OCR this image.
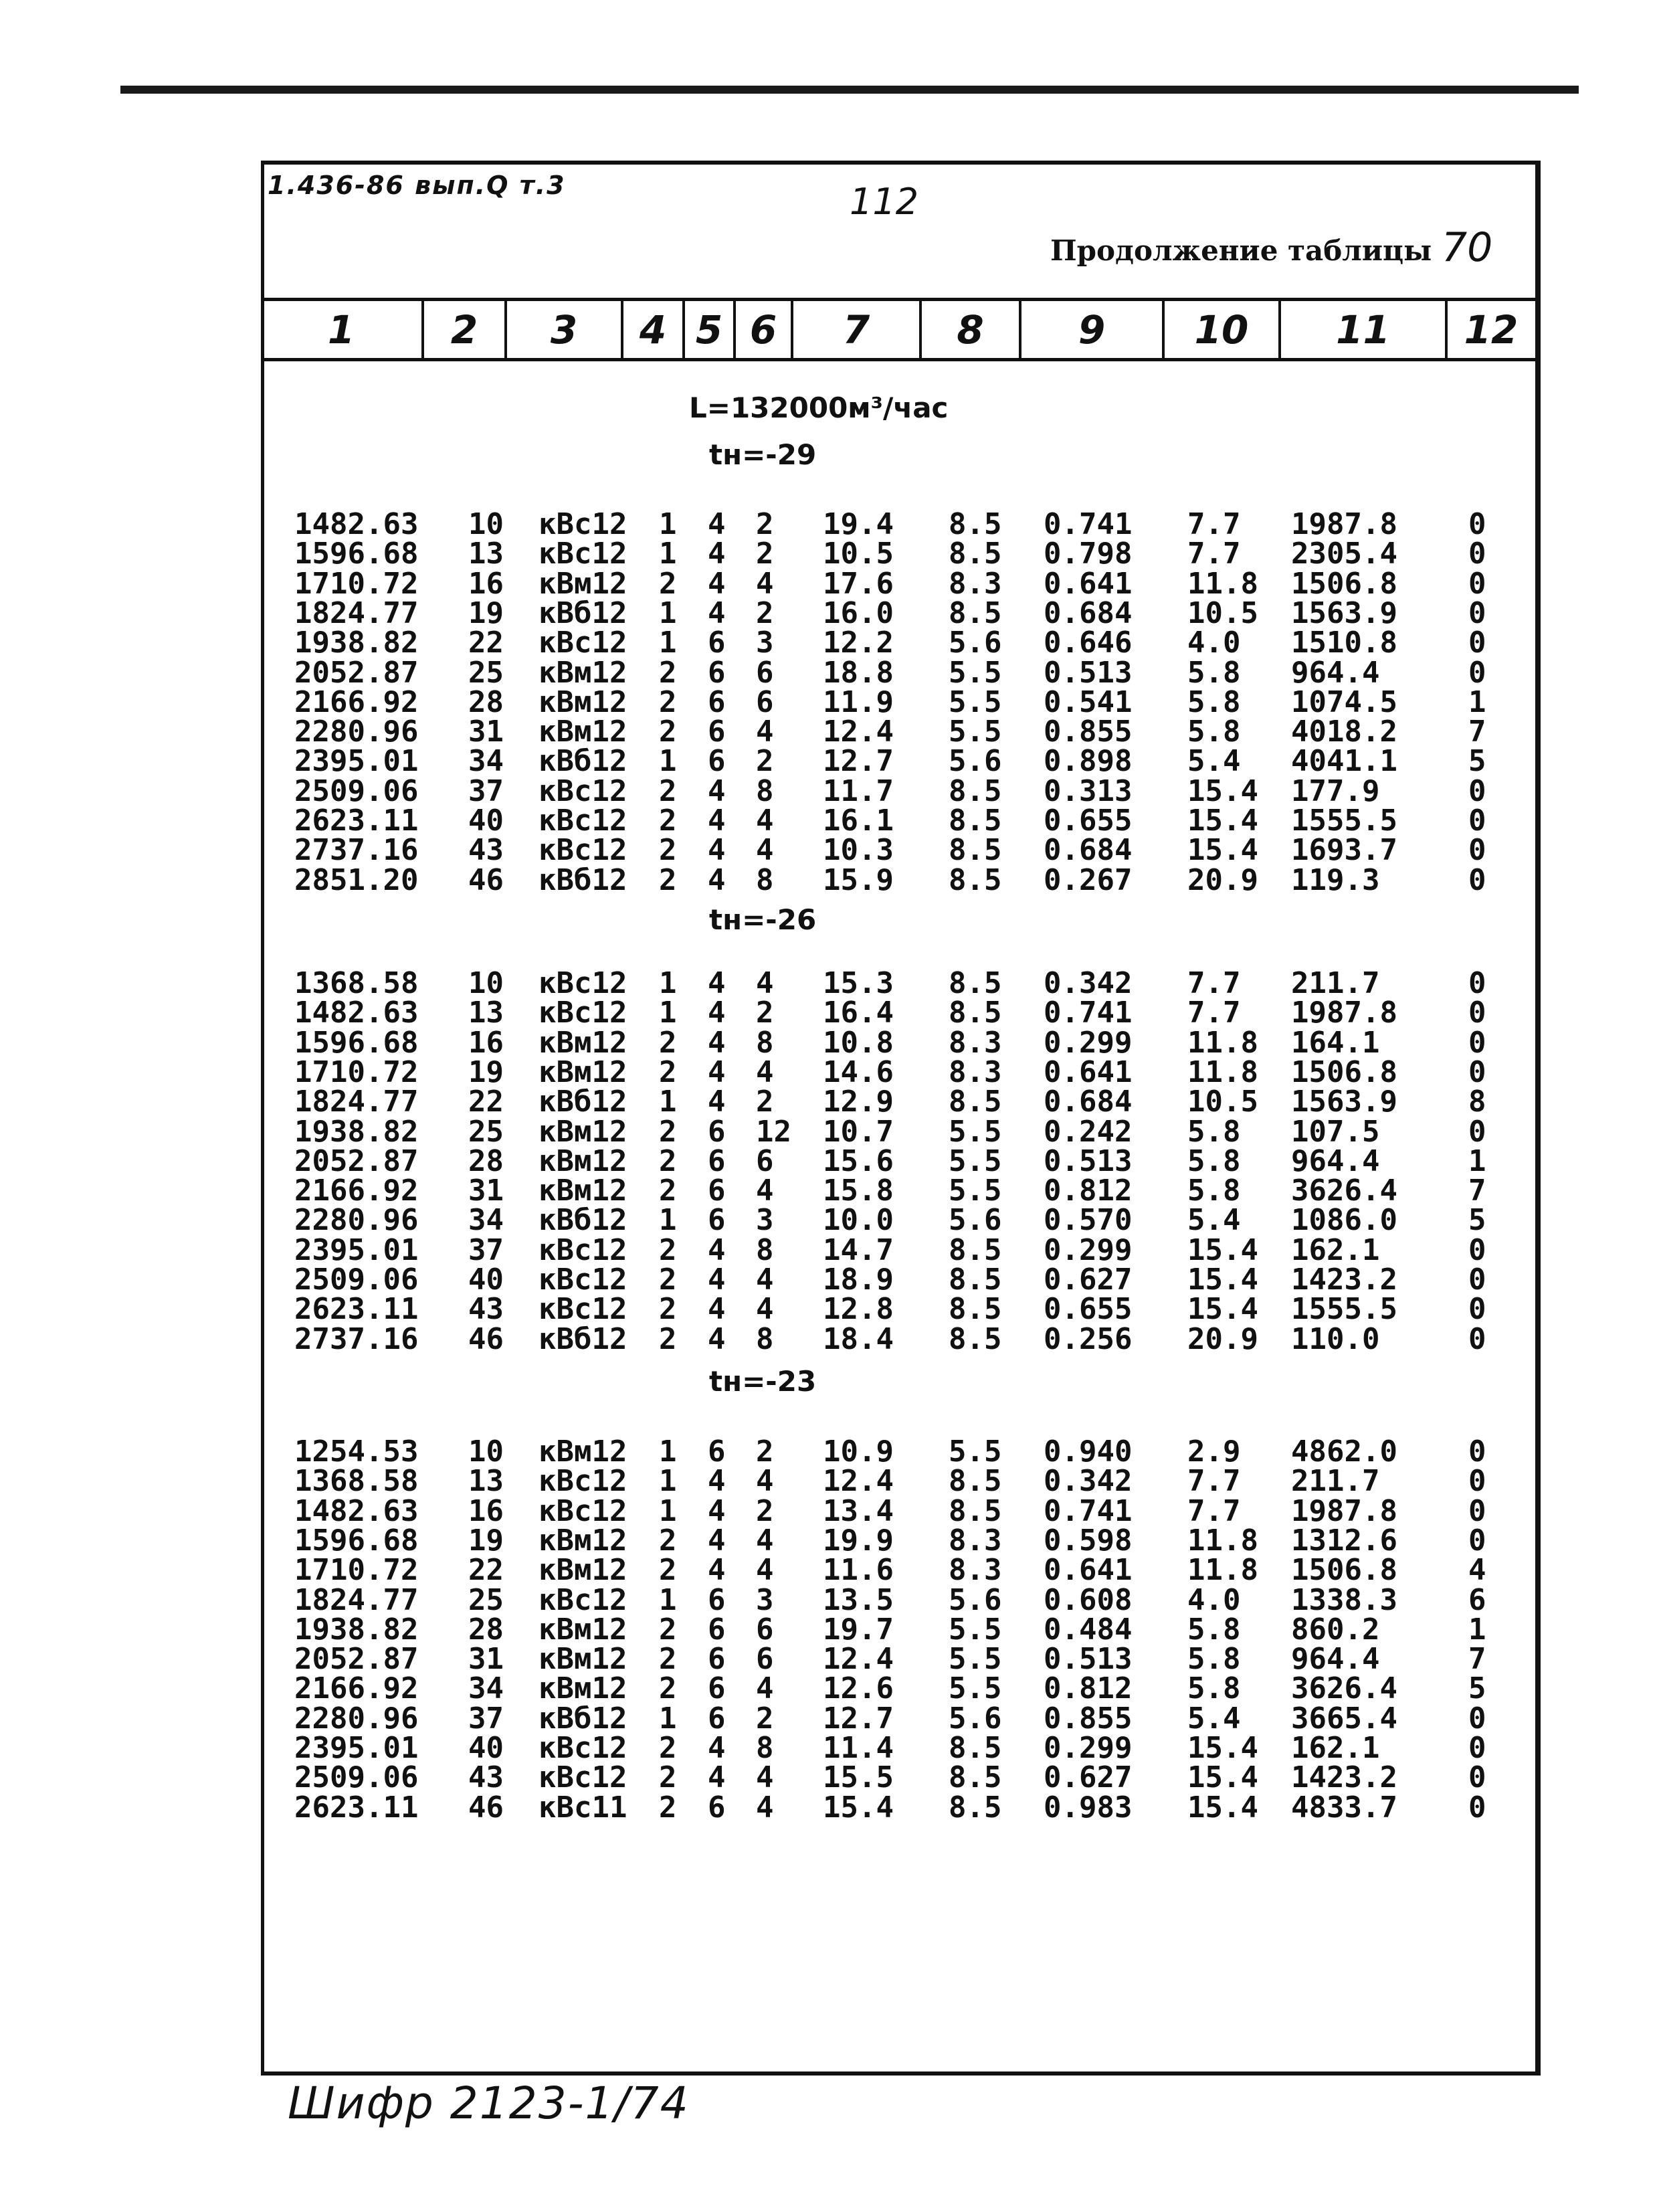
1.436-86 вып.Q т.3	112
Продолжение таблицы 70
1	2	3	4 5 6	7	8	9	10	11	12
L=132000м³/час
tн=-29
1482.63 10 кВс12 1 4 2 19.4 8.5 0.741 7.7 1987.8 0
1596.68 13 кВс12 1 4 2 10.5 8.5 0.798 7.7 2305.4 0
1710.72 16 кВм12 2 4 4 17.6 8.3 0.641 11.8 1506.8 0
1824.77 19 кВб12 1 4 2 16.0 8.5 0.684 10.5 1563.9 0
1938.82 22 кВс12 1 6 3 12.2 5.6 0.646 4.0 1510.8 0
2052.87 25 кВм12 2 6 6 18.8 5.5 0.513 5.8 964.4	0
2166.92 28 кВм12 2 6 6 11.9 5.5 0.541 5.8 1074.5 1
2280.96 31 кВм12 2 6 4 12.4 5.5 0.855 5.8 4018.2 7
2395.01 34 кВб12 1 6 2 12.7 5.6 0.898 5.4 4041.1 5
2509.06 37 кВс12 2 4 8 11.7 8.5 0.313 15.4 177.9	0
2623.11 40 кВс12 2 4 4 16.1 8.5 0.655 15.4 1555.5 0
2737.16 43 кВс12 2 4 4 10.3 8.5 0.684 15.4 1693.7 0
2851.20 46 кВб12 2 4 8 15.9 8.5 0.267 20.9 119.3	0
tн=-26
1368.58 10 кВс12 1 4 4 15.3 8.5 0.342 7.7 211.7	0
1482.63 13 кВс12 1 4 2 16.4 8.5 0.741 7.7 1987.8 0
1596.68 16 кВм12 2 4 8 10.8 8.3 0.299 11.8 164.1	0
1710.72 19 кВм12 2 4 4 14.6 8.3 0.641 11.8 1506.8 0
1824.77 22 кВб12 1 4 2 12.9 8.5 0.684 10.5 1563.9 8
1938.82 25 кВм12 2 6 12 10.7 5.5 0.242 5.8 107.5	0
2052.87 28 кВм12 2 6 6 15.6 5.5 0.513 5.8 964.4	1
2166.92 31 кВм12 2 6 4 15.8 5.5 0.812 5.8 3626.4 7
2280.96 34 кВб12 1 6 3 10.0 5.6 0.570 5.4 1086.0 5
2395.01 37 кВс12 2 4 8 14.7 8.5 0.299 15.4 162.1	0
2509.06 40 кВс12 2 4 4 18.9 8.5 0.627 15.4 1423.2 0
2623.11 43 кВс12 2 4 4 12.8 8.5 0.655 15.4 1555.5 0
2737.16 46 кВб12 2 4 8 18.4 8.5 0.256 20.9 110.0	0
tн=-23
1254.53 10 кВм12 1 6 2 10.9 5.5 0.940 2.9 4862.0 0
1368.58 13 кВс12 1 4 4 12.4 8.5 0.342 7.7 211.7	0
1482.63 16 кВс12 1 4 2 13.4 8.5 0.741 7.7 1987.8 0
1596.68 19 кВм12 2 4 4 19.9 8.3 0.598 11.8 1312.6 0
1710.72 22 кВм12 2 4 4 11.6 8.3 0.641 11.8 1506.8 4
1824.77 25 кВс12 1 6 3 13.5 5.6 0.608 4.0 1338.3 6
1938.82 28 кВм12 2 6 6 19.7 5.5 0.484 5.8 860.2	1
2052.87 31 кВм12 2 6 6 12.4 5.5 0.513 5.8 964.4	7
2166.92 34 кВм12 2 6 4 12.6 5.5 0.812 5.8 3626.4 5
2280.96 37 кВб12 1 6 2 12.7 5.6 0.855 5.4 3665.4 0
2395.01 40 кВс12 2 4 8 11.4 8.5 0.299 15.4 162.1	0
2509.06 43 кВс12 2 4 4 15.5 8.5 0.627 15.4 1423.2 0
2623.11 46 кВс11 2 6 4 15.4 8.5 0.983 15.4 4833.7 0
Шифр 2123-1/74
